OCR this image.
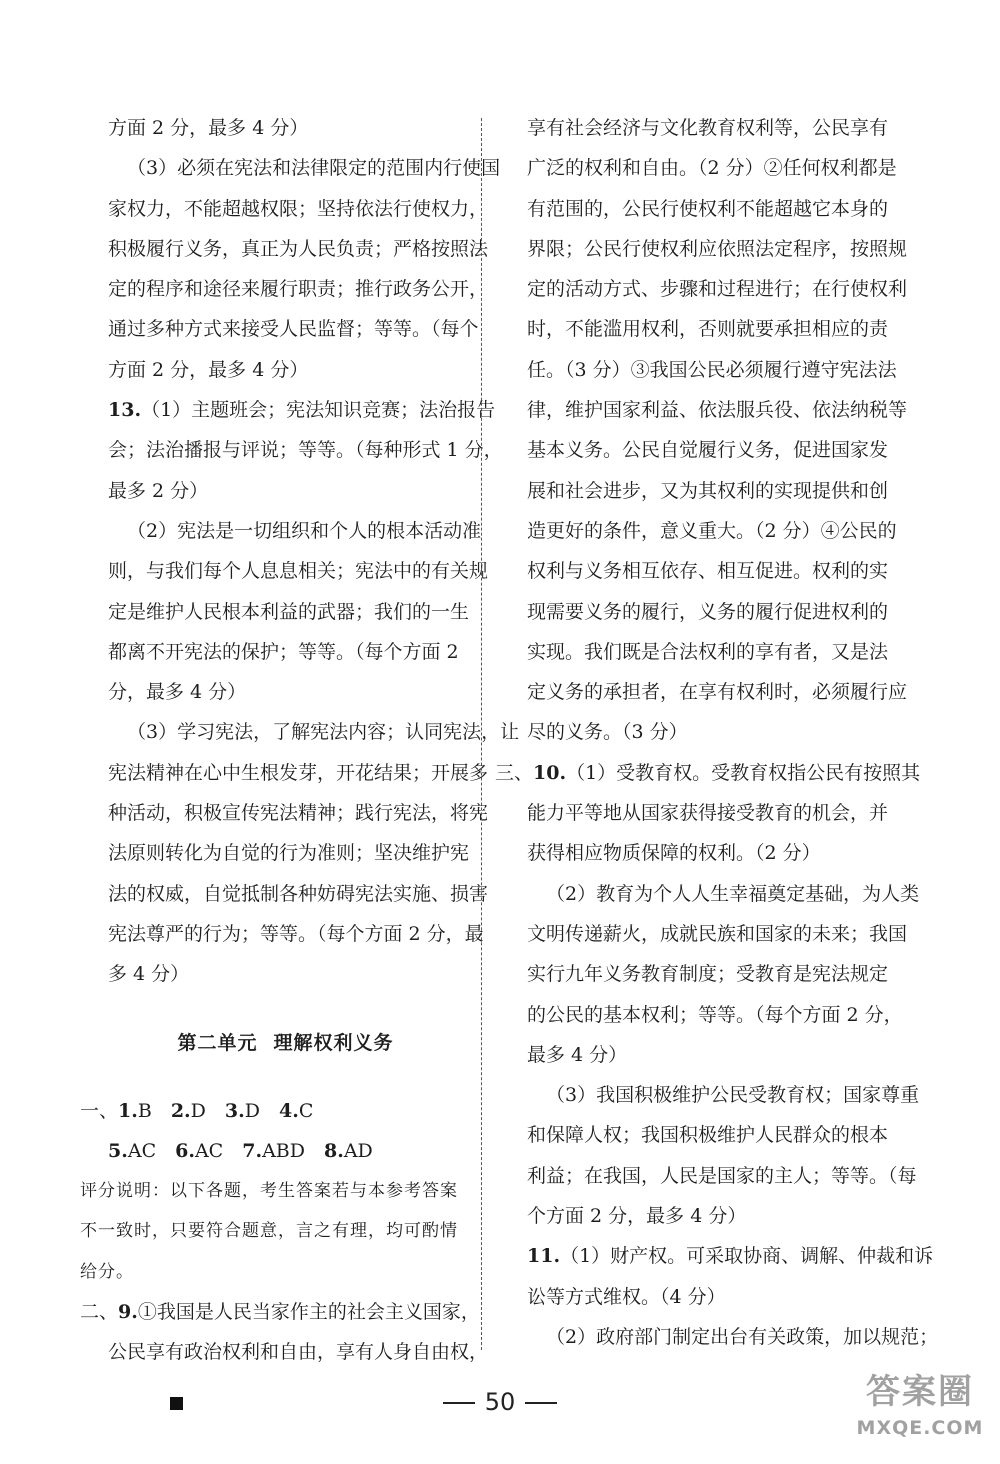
方面 2 分，最多 4 分）
（3）必须在宪法和法律限定的范围内行使国
家权力，不能超越权限；坚持依法行使权力，
积极履行义务，真正为人民负责；严格按照法
定的程序和途径来履行职责；推行政务公开，
通过多种方式来接受人民监督；等等。（每个
方面 2 分，最多 4 分）
13.（1）主题班会；宪法知识竞赛；法治报告
会；法治播报与评说；等等。（每种形式 1 分，
最多 2 分）
（2）宪法是一切组织和个人的根本活动准
则，与我们每个人息息相关；宪法中的有关规
定是维护人民根本利益的武器；我们的一生
都离不开宪法的保护；等等。（每个方面 2
分，最多 4 分）
（3）学习宪法，了解宪法内容；认同宪法，让
宪法精神在心中生根发芽，开花结果；开展多
种活动，积极宣传宪法精神；践行宪法，将宪
法原则转化为自觉的行为准则；坚决维护宪
法的权威，自觉抵制各种妨碍宪法实施、损害
宪法尊严的行为；等等。（每个方面 2 分，最
多 4 分）
第二单元 理解权利义务
一、1.B  2.D  3.D  4.C
5.AC  6.AC  7.ABD  8.AD
评分说明：以下各题，考生答案若与本参考答案
不一致时，只要符合题意，言之有理，均可酌情
给分。
二、9.①我国是人民当家作主的社会主义国家，
公民享有政治权利和自由，享有人身自由权，
享有社会经济与文化教育权利等，公民享有
广泛的权利和自由。（2 分）②任何权利都是
有范围的，公民行使权利不能超越它本身的
界限；公民行使权利应依照法定程序，按照规
定的活动方式、步骤和过程进行；在行使权利
时，不能滥用权利，否则就要承担相应的责
任。（3 分）③我国公民必须履行遵守宪法法
律，维护国家利益、依法服兵役、依法纳税等
基本义务。公民自觉履行义务，促进国家发
展和社会进步，又为其权利的实现提供和创
造更好的条件，意义重大。（2 分）④公民的
权利与义务相互依存、相互促进。权利的实
现需要义务的履行，义务的履行促进权利的
实现。我们既是合法权利的享有者，又是法
定义务的承担者，在享有权利时，必须履行应
尽的义务。（3 分）
三、10.（1）受教育权。受教育权指公民有按照其
能力平等地从国家获得接受教育的机会，并
获得相应物质保障的权利。（2 分）
（2）教育为个人人生幸福奠定基础，为人类
文明传递薪火，成就民族和国家的未来；我国
实行九年义务教育制度；受教育是宪法规定
的公民的基本权利；等等。（每个方面 2 分，
最多 4 分）
（3）我国积极维护公民受教育权；国家尊重
和保障人权；我国积极维护人民群众的根本
利益；在我国，人民是国家的主人；等等。（每
个方面 2 分，最多 4 分）
11.（1）财产权。可采取协商、调解、仲裁和诉
讼等方式维权。（4 分）
（2）政府部门制定出台有关政策，加以规范；
50	答案圈
MXQE.COM
